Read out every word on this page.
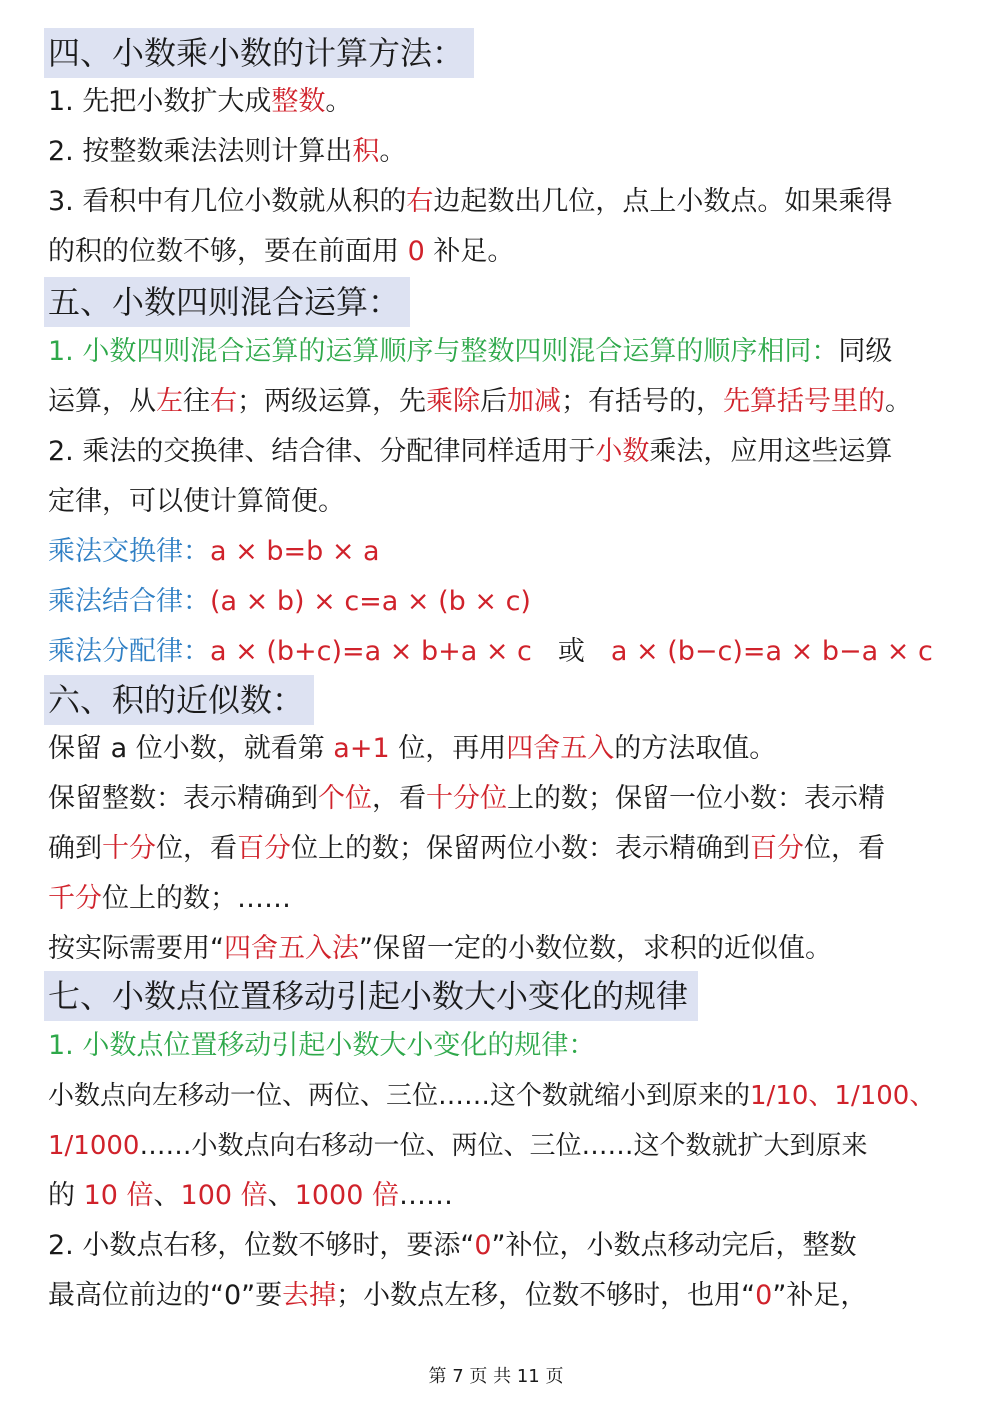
四、小数乘小数的计算方法：
1. 先把小数扩大成整数。
2. 按整数乘法法则计算出积。
3. 看积中有几位小数就从积的右边起数出几位，点上小数点。如果乘得
的积的位数不够，要在前面用 0 补足。
五、小数四则混合运算：
1. 小数四则混合运算的运算顺序与整数四则混合运算的顺序相同：同级
运算，从左往右；两级运算，先乘除后加减；有括号的，先算括号里的。
2. 乘法的交换律、结合律、分配律同样适用于小数乘法，应用这些运算
定律，可以使计算简便。
乘法交换律：a × b=b × a
乘法结合律：(a × b) × c=a × (b × c)
乘法分配律：a × (b+c)=a × b+a × c 或 a × (b−c)=a × b−a × c
六、积的近似数：
保留 a 位小数，就看第 a+1 位，再用四舍五入的方法取值。
保留整数：表示精确到个位，看十分位上的数；保留一位小数：表示精
确到十分位，看百分位上的数；保留两位小数：表示精确到百分位，看
千分位上的数；……
按实际需要用“四舍五入法”保留一定的小数位数，求积的近似值。
七、小数点位置移动引起小数大小变化的规律
1. 小数点位置移动引起小数大小变化的规律：
小数点向左移动一位、两位、三位……这个数就缩小到原来的1/10、1/100、
1/1000……小数点向右移动一位、两位、三位……这个数就扩大到原来
的 10 倍、100 倍、1000 倍……
2. 小数点右移，位数不够时，要添“0”补位，小数点移动完后，整数
最高位前边的“0”要去掉；小数点左移，位数不够时，也用“0”补足，
第 7 页 共 11 页
